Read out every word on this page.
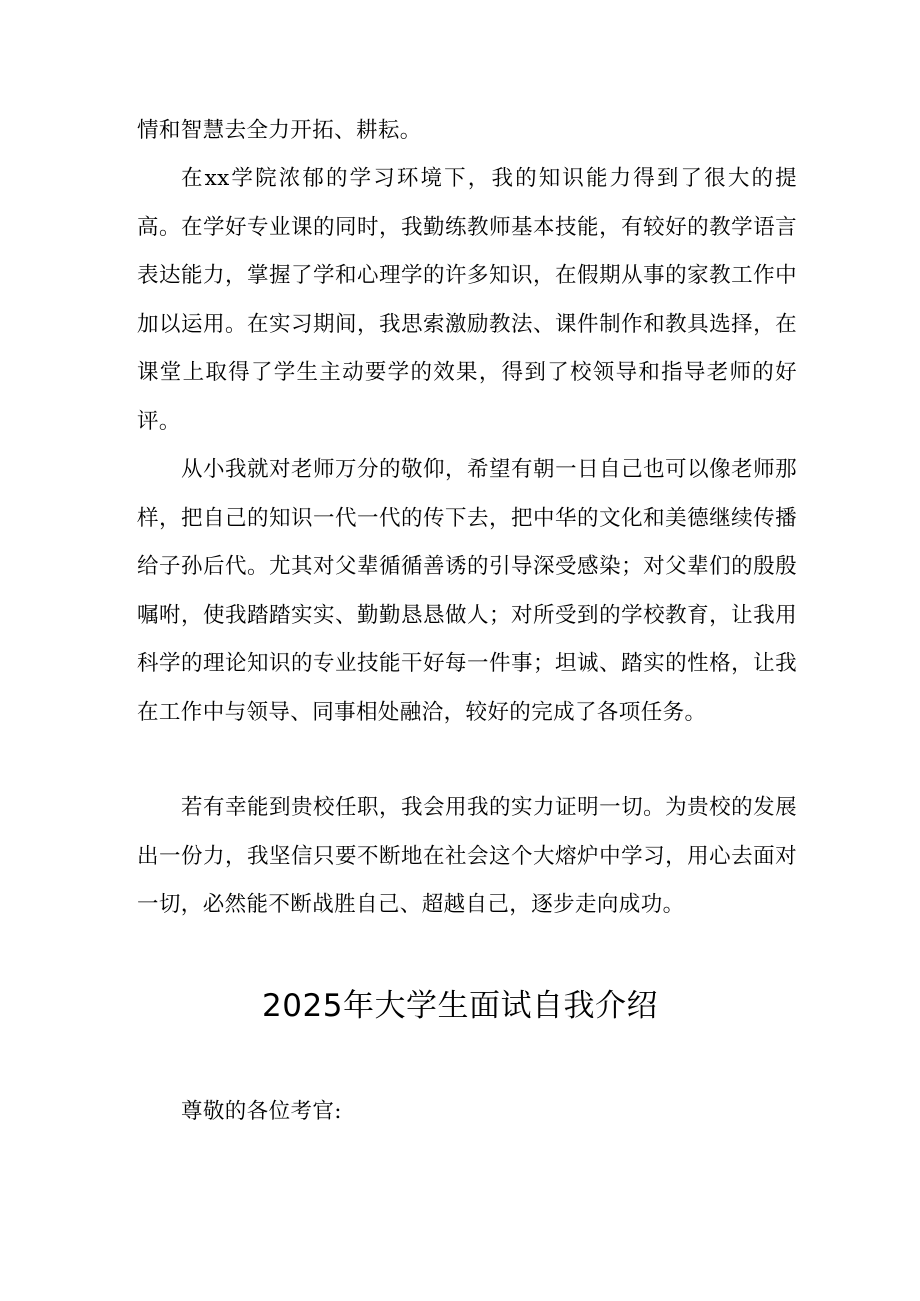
情和智慧去全力开拓、耕耘。

在xx学院浓郁的学习环境下，我的知识能力得到了很大的提高。在学好专业课的同时，我勤练教师基本技能，有较好的教学语言表达能力，掌握了学和心理学的许多知识，在假期从事的家教工作中加以运用。在实习期间，我思索激励教法、课件制作和教具选择，在课堂上取得了学生主动要学的效果，得到了校领导和指导老师的好评。

从小我就对老师万分的敬仰，希望有朝一日自己也可以像老师那样，把自己的知识一代一代的传下去，把中华的文化和美德继续传播给子孙后代。尤其对父辈循循善诱的引导深受感染；对父辈们的殷殷嘱咐，使我踏踏实实、勤勤恳恳做人；对所受到的学校教育，让我用科学的理论知识的专业技能干好每一件事；坦诚、踏实的性格，让我在工作中与领导、同事相处融洽，较好的完成了各项任务。

若有幸能到贵校任职，我会用我的实力证明一切。为贵校的发展出一份力，我坚信只要不断地在社会这个大熔炉中学习，用心去面对一切，必然能不断战胜自己、超越自己，逐步走向成功。

2025年大学生面试自我介绍

尊敬的各位考官:
